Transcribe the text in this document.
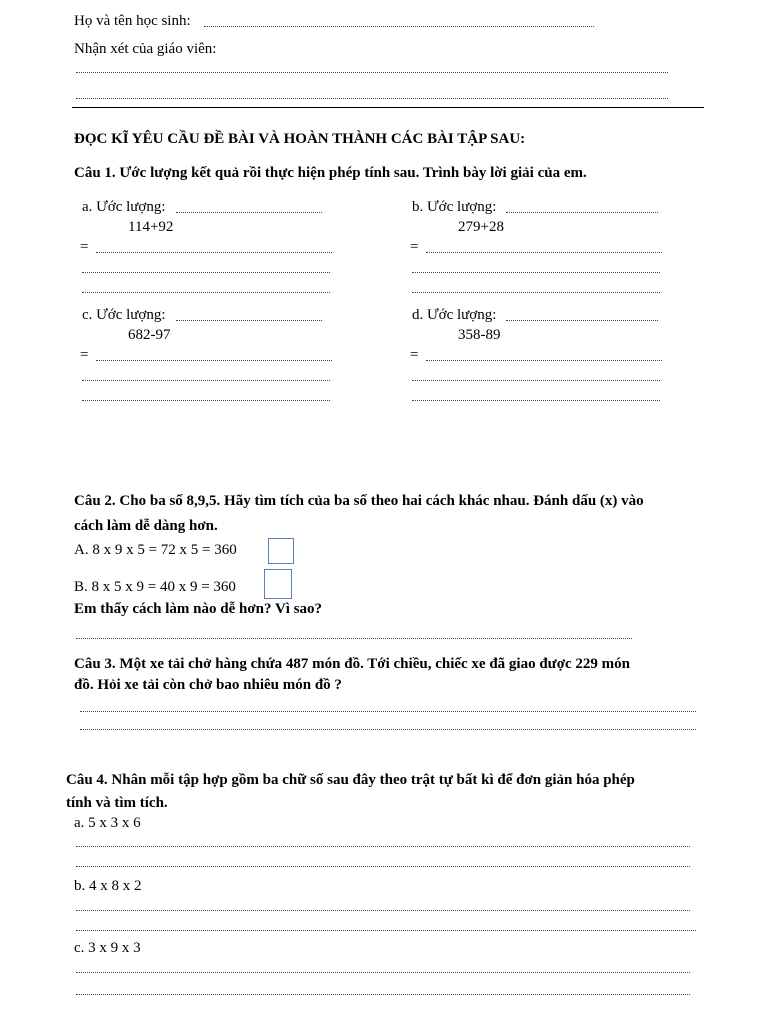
Họ và tên học sinh:
Nhận xét của giáo viên:
ĐỌC KĨ YÊU CẦU ĐỀ BÀI VÀ HOÀN THÀNH CÁC BÀI TẬP SAU:
Câu 1. Ước lượng kết quả rồi thực hiện phép tính sau. Trình bày lời giải của em.
a. Ước lượng:
114+92
=
b. Ước lượng:
279+28
=
c. Ước lượng:
682-97
=
d. Ước lượng:
358-89
=
Câu 2. Cho ba số 8,9,5. Hãy tìm tích của ba số theo hai cách khác nhau. Đánh dấu (x) vào
cách làm dễ dàng hơn.
A. 8 x 9 x 5 = 72 x 5 = 360
B. 8 x 5 x 9 = 40 x 9 = 360
Em thấy cách làm nào dễ hơn? Vì sao?
Câu 3. Một xe tải chở hàng chứa 487 món đồ. Tới chiều, chiếc xe đã giao được 229 món
đồ. Hỏi xe tải còn chở bao nhiêu món đồ ?
Câu 4. Nhân mỗi tập hợp gồm ba chữ số sau đây theo trật tự bất kì để đơn giản hóa phép
tính và tìm tích.
a. 5 x 3 x 6
b. 4 x 8 x 2
c. 3 x 9 x 3
